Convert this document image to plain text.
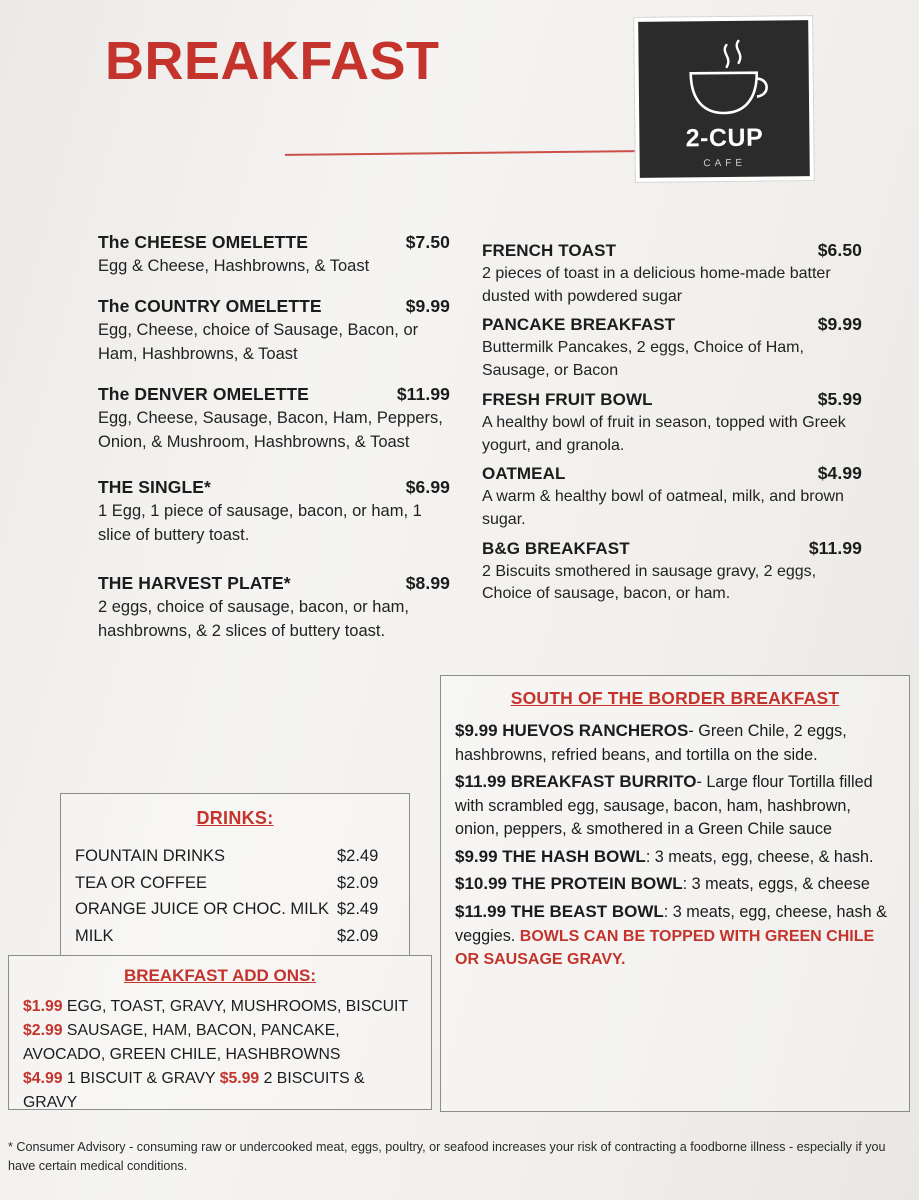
BREAKFAST
2-CUP
CAFE
The CHEESE OMELETTE	$7.50
Egg & Cheese, Hashbrowns, & Toast
The COUNTRY OMELETTE	$9.99
Egg, Cheese, choice of Sausage, Bacon, or Ham, Hashbrowns, & Toast
The DENVER OMELETTE	$11.99
Egg, Cheese, Sausage, Bacon, Ham, Peppers, Onion, & Mushroom, Hashbrowns, & Toast
THE SINGLE*	$6.99
1 Egg, 1 piece of sausage, bacon, or ham, 1 slice of buttery toast.
THE HARVEST PLATE*	$8.99
2 eggs, choice of sausage, bacon, or ham, hashbrowns, & 2 slices of buttery toast.
FRENCH TOAST	$6.50
2 pieces of toast in a delicious home-made batter dusted with powdered sugar
PANCAKE BREAKFAST	$9.99
Buttermilk Pancakes, 2 eggs, Choice of Ham, Sausage, or Bacon
FRESH FRUIT BOWL	$5.99
A healthy bowl of fruit in season, topped with Greek yogurt, and granola.
OATMEAL	$4.99
A warm & healthy bowl of oatmeal, milk, and brown sugar.
B&G BREAKFAST	$11.99
2 Biscuits smothered in sausage gravy, 2 eggs, Choice of sausage, bacon, or ham.
DRINKS:
FOUNTAIN DRINKS	$2.49
TEA OR COFFEE	$2.09
ORANGE JUICE OR CHOC. MILK $2.49
MILK	$2.09
BREAKFAST ADD ONS:
$1.99 EGG, TOAST, GRAVY, MUSHROOMS, BISCUIT
$2.99 SAUSAGE, HAM, BACON, PANCAKE, AVOCADO, GREEN CHILE, HASHBROWNS
$4.99 1 BISCUIT & GRAVY $5.99 2 BISCUITS & GRAVY
SOUTH OF THE BORDER BREAKFAST
$9.99 HUEVOS RANCHEROS- Green Chile, 2 eggs, hashbrowns, refried beans, and tortilla on the side.
$11.99 BREAKFAST BURRITO- Large flour Tortilla filled with scrambled egg, sausage, bacon, ham, hashbrown, onion, peppers, & smothered in a Green Chile sauce
$9.99 THE HASH BOWL: 3 meats, egg, cheese, & hash.
$10.99 THE PROTEIN BOWL: 3 meats, eggs, & cheese
$11.99 THE BEAST BOWL: 3 meats, egg, cheese, hash & veggies. BOWLS CAN BE TOPPED WITH GREEN CHILE OR SAUSAGE GRAVY.
* Consumer Advisory - consuming raw or undercooked meat, eggs, poultry, or seafood increases your risk of contracting a foodborne illness - especially if you have certain medical conditions.
